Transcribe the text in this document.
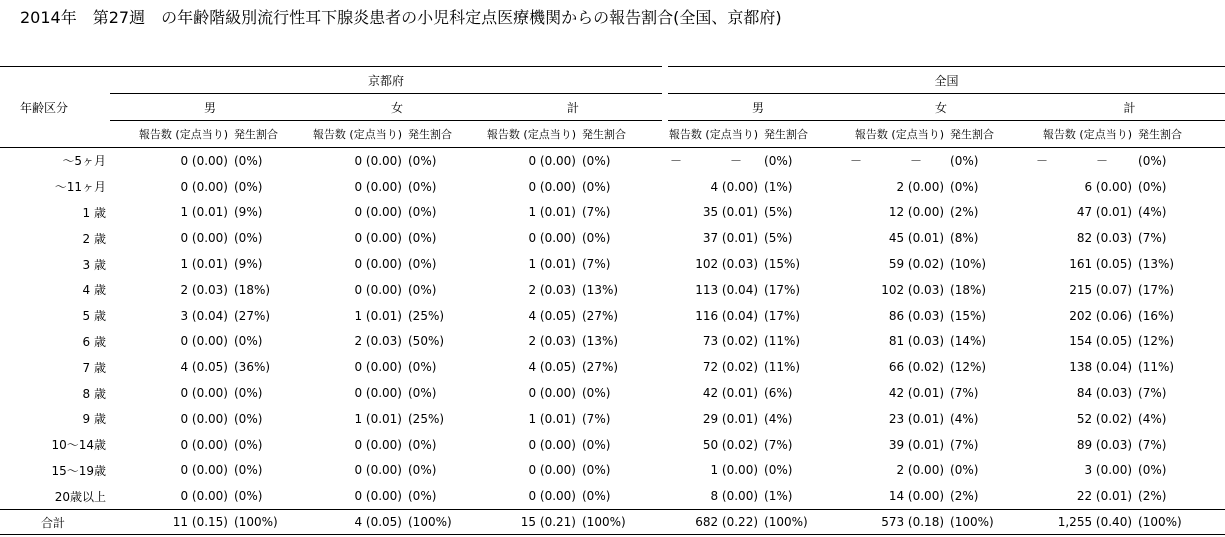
2014年　第27週　の年齢階級別流行性耳下腺炎患者の小児科定点医療機関からの報告割合(全国、京都府)
年齢区分	京都府							全国					
	男		女		計			男		女		計	
	報告数 (定点当り)	発生割合	報告数 (定点当り)	発生割合	報告数 (定点当り)	発生割合		報告数 (定点当り)	発生割合	報告数 (定点当り)	発生割合	報告数 (定点当り)	発生割合
～5ヶ月	0 (0.00)	(0%)	0 (0.00)	(0%)	0 (0.00)	(0%)		－ －	(0%)	－ －	(0%)	－ －	(0%)
～11ヶ月	0 (0.00)	(0%)	0 (0.00)	(0%)	0 (0.00)	(0%)		4 (0.00)	(1%)	2 (0.00)	(0%)	6 (0.00)	(0%)
1 歳	1 (0.01)	(9%)	0 (0.00)	(0%)	1 (0.01)	(7%)		35 (0.01)	(5%)	12 (0.00)	(2%)	47 (0.01)	(4%)
2 歳	0 (0.00)	(0%)	0 (0.00)	(0%)	0 (0.00)	(0%)		37 (0.01)	(5%)	45 (0.01)	(8%)	82 (0.03)	(7%)
3 歳	1 (0.01)	(9%)	0 (0.00)	(0%)	1 (0.01)	(7%)		102 (0.03)	(15%)	59 (0.02)	(10%)	161 (0.05)	(13%)
4 歳	2 (0.03)	(18%)	0 (0.00)	(0%)	2 (0.03)	(13%)		113 (0.04)	(17%)	102 (0.03)	(18%)	215 (0.07)	(17%)
5 歳	3 (0.04)	(27%)	1 (0.01)	(25%)	4 (0.05)	(27%)		116 (0.04)	(17%)	86 (0.03)	(15%)	202 (0.06)	(16%)
6 歳	0 (0.00)	(0%)	2 (0.03)	(50%)	2 (0.03)	(13%)		73 (0.02)	(11%)	81 (0.03)	(14%)	154 (0.05)	(12%)
7 歳	4 (0.05)	(36%)	0 (0.00)	(0%)	4 (0.05)	(27%)		72 (0.02)	(11%)	66 (0.02)	(12%)	138 (0.04)	(11%)
8 歳	0 (0.00)	(0%)	0 (0.00)	(0%)	0 (0.00)	(0%)		42 (0.01)	(6%)	42 (0.01)	(7%)	84 (0.03)	(7%)
9 歳	0 (0.00)	(0%)	1 (0.01)	(25%)	1 (0.01)	(7%)		29 (0.01)	(4%)	23 (0.01)	(4%)	52 (0.02)	(4%)
10～14歳	0 (0.00)	(0%)	0 (0.00)	(0%)	0 (0.00)	(0%)		50 (0.02)	(7%)	39 (0.01)	(7%)	89 (0.03)	(7%)
15～19歳	0 (0.00)	(0%)	0 (0.00)	(0%)	0 (0.00)	(0%)		1 (0.00)	(0%)	2 (0.00)	(0%)	3 (0.00)	(0%)
20歳以上	0 (0.00)	(0%)	0 (0.00)	(0%)	0 (0.00)	(0%)		8 (0.00)	(1%)	14 (0.00)	(2%)	22 (0.01)	(2%)
合計	11 (0.15)	(100%)	4 (0.05)	(100%)	15 (0.21)	(100%)		682 (0.22)	(100%)	573 (0.18)	(100%)	1,255 (0.40)	(100%)
